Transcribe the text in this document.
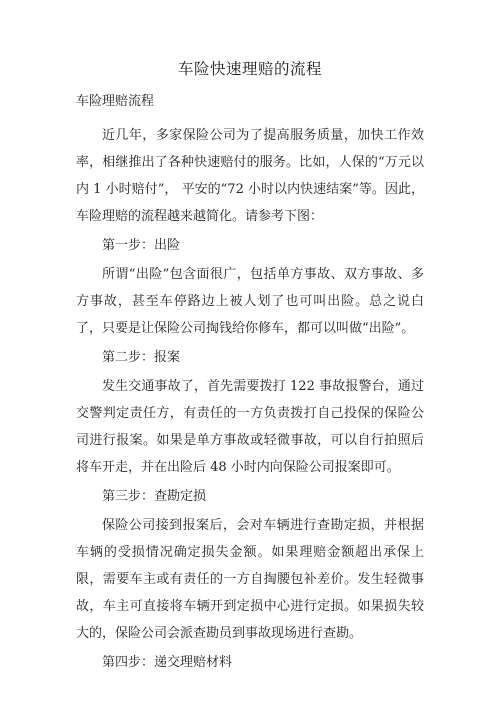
车险快速理赔的流程
车险理赔流程

近几年，多家保险公司为了提高服务质量，加快工作效率，相继推出了各种快速赔付的服务。比如，人保的“万元以内 1 小时赔付”， 平安的“72 小时以内快速结案”等。因此，车险理赔的流程越来越简化。请参考下图：

第一步：出险

所谓“出险”包含面很广，包括单方事故、双方事故、多方事故，甚至车停路边上被人划了也可叫出险。总之说白了，只要是让保险公司掏钱给你修车，都可以叫做“出险”。

第二步：报案

发生交通事故了，首先需要拨打 122 事故报警台，通过交警判定责任方，有责任的一方负责拨打自己投保的保险公司进行报案。如果是单方事故或轻微事故，可以自行拍照后将车开走，并在出险后 48 小时内向保险公司报案即可。

第三步：查勘定损

保险公司接到报案后，会对车辆进行查勘定损，并根据车辆的受损情况确定损失金额。如果理赔金额超出承保上限，需要车主或有责任的一方自掏腰包补差价。发生轻微事故，车主可直接将车辆开到定损中心进行定损。如果损失较大的，保险公司会派查勘员到事故现场进行查勘。

第四步：递交理赔材料
